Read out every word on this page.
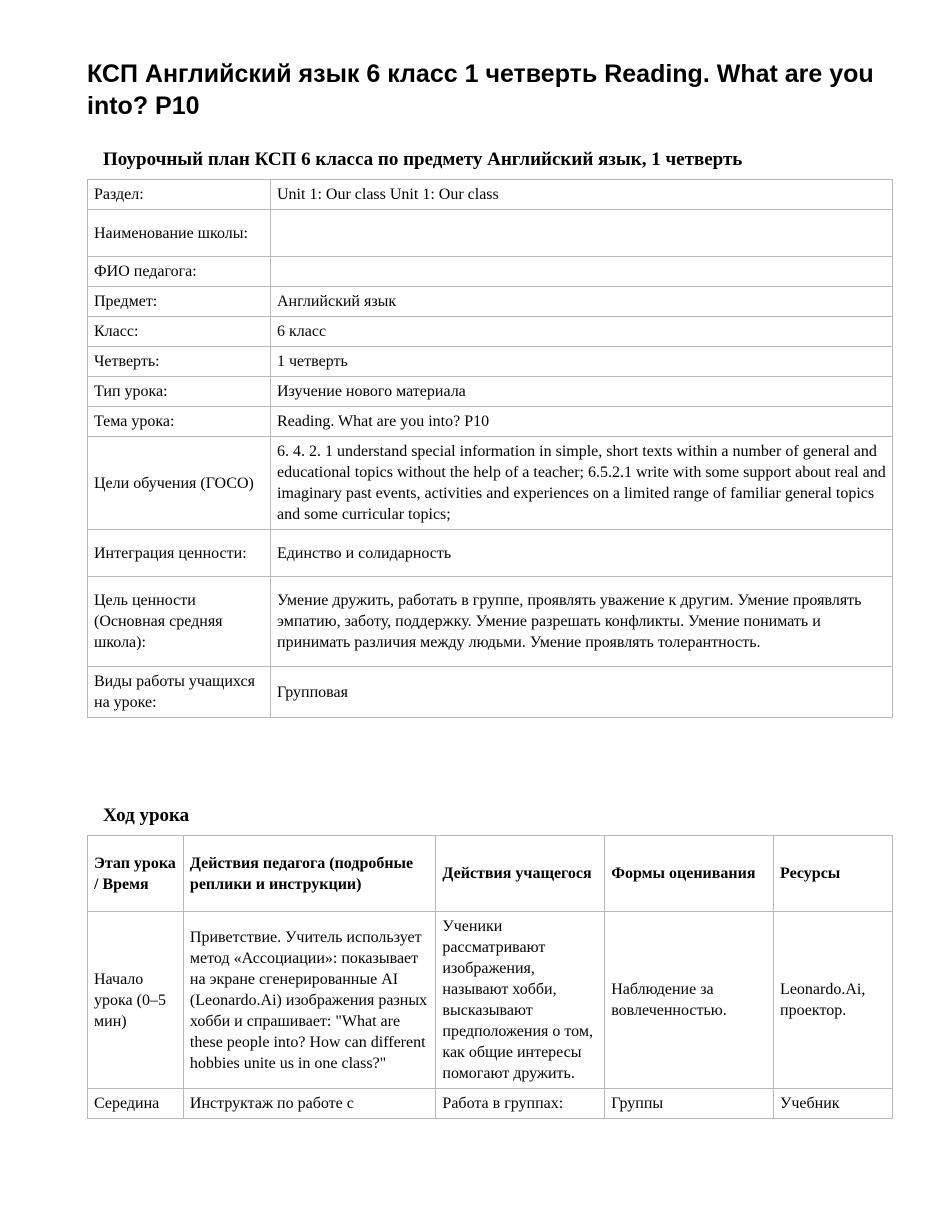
КСП Английский язык 6 класс 1 четверть Reading. What are you into? P10
Поурочный план КСП 6 класса по предмету Английский язык, 1 четверть
Раздел:	Unit 1: Our class Unit 1: Our class
Наименование школы:	
ФИО педагога:	
Предмет:	Английский язык
Класс:	6 класс
Четверть:	1 четверть
Тип урока:	Изучение нового материала
Тема урока:	Reading. What are you into? P10
Цели обучения (ГОСО)	6. 4. 2. 1 understand special information in simple, short texts within a number of general and educational topics without the help of a teacher; 6.5.2.1 write with some support about real and imaginary past events, activities and experiences on a limited range of familiar general topics and some curricular topics;
Интеграция ценности:	Единство и солидарность
Цель ценности (Основная средняя школа):	Умение дружить, работать в группе, проявлять уважение к другим. Умение проявлять эмпатию, заботу, поддержку. Умение разрешать конфликты. Умение понимать и принимать различия между людьми. Умение проявлять толерантность.
Виды работы учащихся на уроке:	Групповая
Ход урока
Этап урока / Время	Действия педагога (подробные реплики и инструкции)	Действия учащегося	Формы оценивания	Ресурсы
Начало урока (0–5 мин)	Приветствие. Учитель использует метод «Ассоциации»: показывает на экране сгенерированные AI (Leonardo.Ai) изображения разных хобби и спрашивает: "What are these people into? How can different hobbies unite us in one class?"	Ученики рассматривают изображения, называют хобби, высказывают предположения о том, как общие интересы помогают дружить.	Наблюдение за вовлеченностью.	Leonardo.Ai, проектор.
Середина	Инструктаж по работе с	Работа в группах:	Группы	Учебник
